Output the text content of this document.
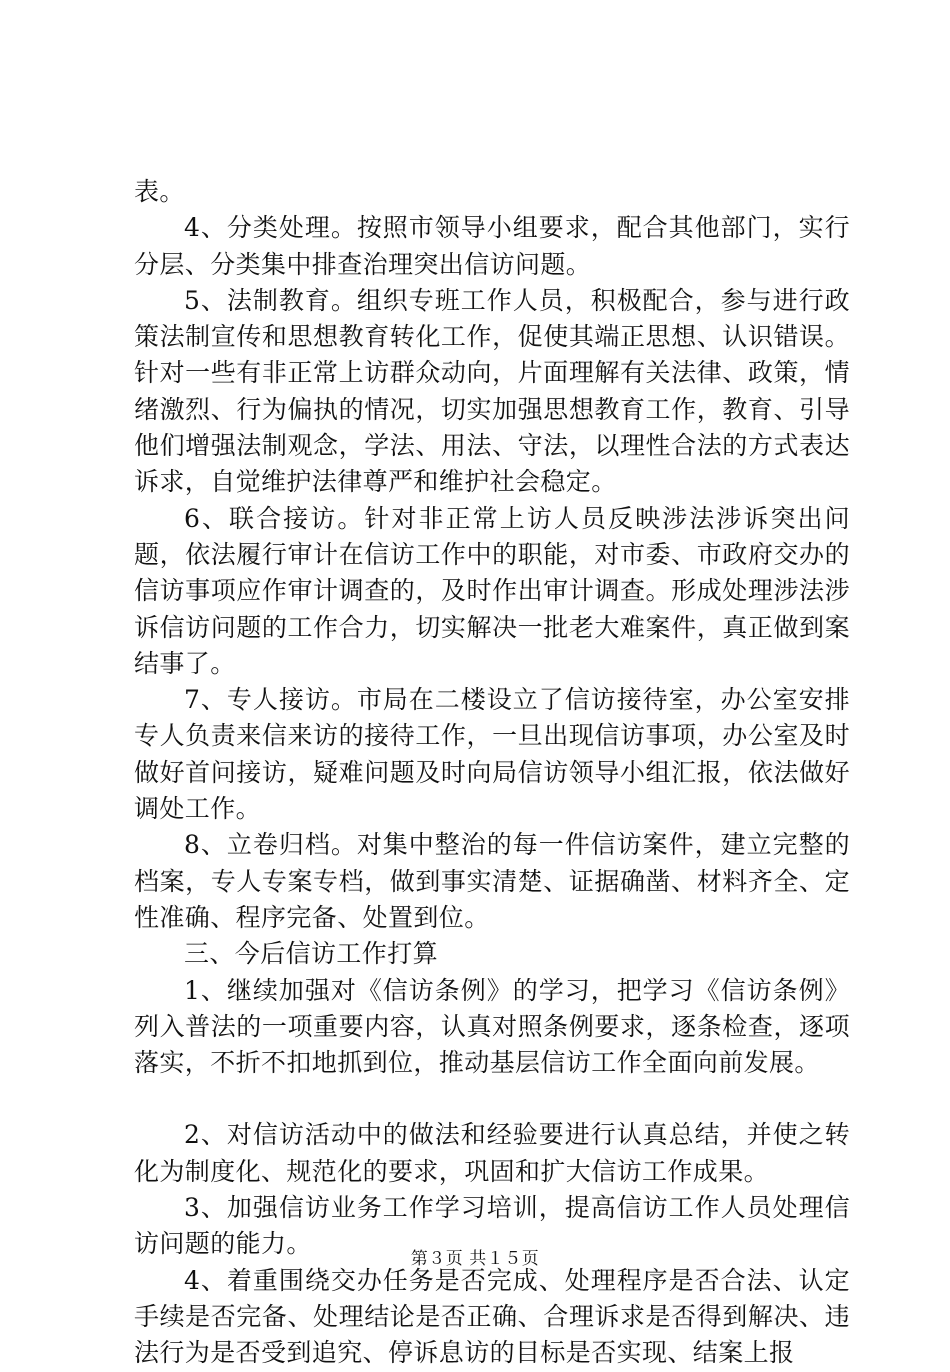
表。

4、分类处理。按照市领导小组要求，配合其他部门，实行分层、分类集中排查治理突出信访问题。

5、法制教育。组织专班工作人员，积极配合，参与进行政策法制宣传和思想教育转化工作，促使其端正思想、认识错误。针对一些有非正常上访群众动向，片面理解有关法律、政策，情绪激烈、行为偏执的情况，切实加强思想教育工作，教育、引导他们增强法制观念，学法、用法、守法，以理性合法的方式表达诉求，自觉维护法律尊严和维护社会稳定。

6、联合接访。针对非正常上访人员反映涉法涉诉突出问题，依法履行审计在信访工作中的职能，对市委、市政府交办的信访事项应作审计调查的，及时作出审计调查。形成处理涉法涉诉信访问题的工作合力，切实解决一批老大难案件，真正做到案结事了。

7、专人接访。市局在二楼设立了信访接待室，办公室安排专人负责来信来访的接待工作，一旦出现信访事项，办公室及时做好首问接访，疑难问题及时向局信访领导小组汇报，依法做好调处工作。

8、立卷归档。对集中整治的每一件信访案件，建立完整的档案，专人专案专档，做到事实清楚、证据确凿、材料齐全、定性准确、程序完备、处置到位。

三、今后信访工作打算

1、继续加强对《信访条例》的学习，把学习《信访条例》列入普法的一项重要内容，认真对照条例要求，逐条检查，逐项落实，不折不扣地抓到位，推动基层信访工作全面向前发展。

2、对信访活动中的做法和经验要进行认真总结，并使之转化为制度化、规范化的要求，巩固和扩大信访工作成果。

3、加强信访业务工作学习培训，提高信访工作人员处理信访问题的能力。

4、着重围绕交办任务是否完成、处理程序是否合法、认定手续是否完备、处理结论是否正确、合理诉求是否得到解决、违法行为是否受到追究、停诉息访的目标是否实现、结案上报

第３页 共１５页
